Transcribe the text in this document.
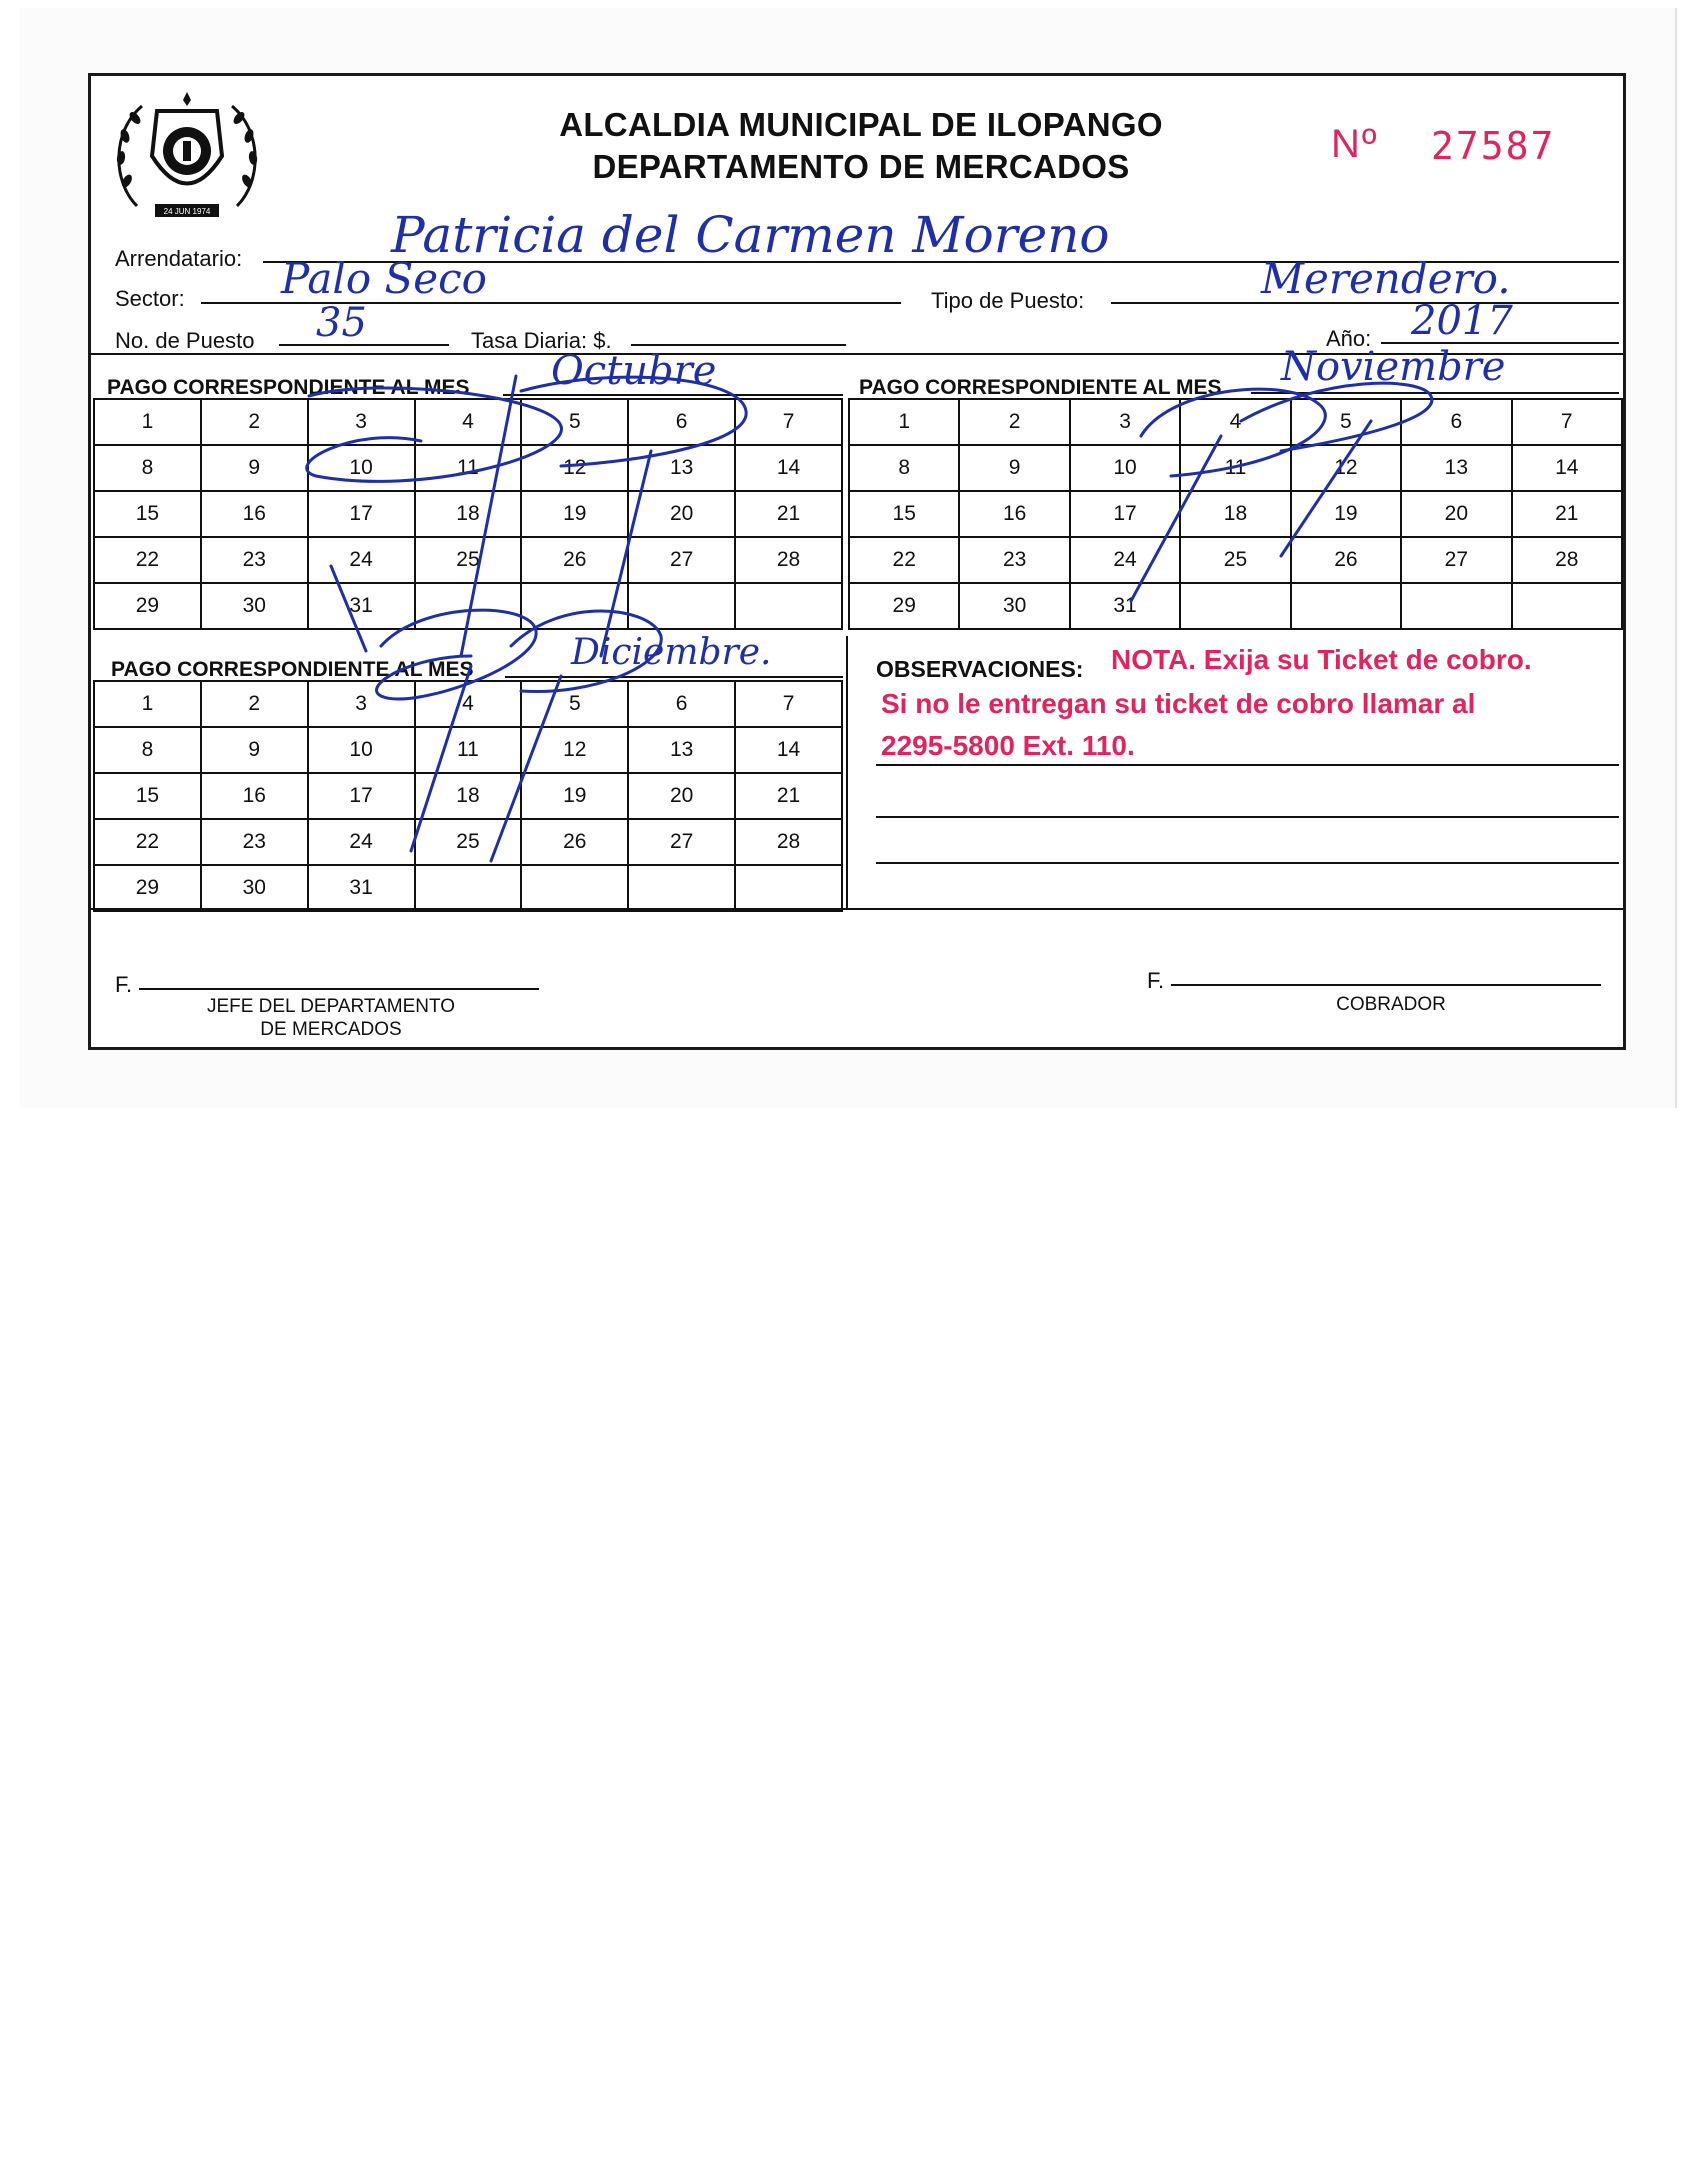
24 JUN 1974
ALCALDIA MUNICIPAL DE ILOPANGO
DEPARTAMENTO DE MERCADOS
Nº 27587
Arrendatario:	Patricia del Carmen Moreno
Sector: Palo Seco	Tipo de Puesto:	Merendero.
No. de Puesto 35	Tasa Diaria: $.	Año: 2017
PAGO CORRESPONDIENTE AL MES Octubre
1	2	3	4	5	6	7
8	9	10	11	12	13	14
15	16	17	18	19	20	21
22	23	24	25	26	27	28
29	30	31				
PAGO CORRESPONDIENTE AL MES Noviembre
1	2	3	4	5	6	7
8	9	10	11	12	13	14
15	16	17	18	19	20	21
22	23	24	25	26	27	28
29	30	31				
PAGO CORRESPONDIENTE AL MES	Diciembre.
1	2	3	4	5	6	7
8	9	10	11	12	13	14
15	16	17	18	19	20	21
22	23	24	25	26	27	28
29	30	31				
OBSERVACIONES: NOTA. Exija su Ticket de cobro.
Si no le entregan su ticket de cobro llamar al
2295-5800 Ext. 110.
F.
JEFE DEL DEPARTAMENTO
DE MERCADOS
F.
COBRADOR
